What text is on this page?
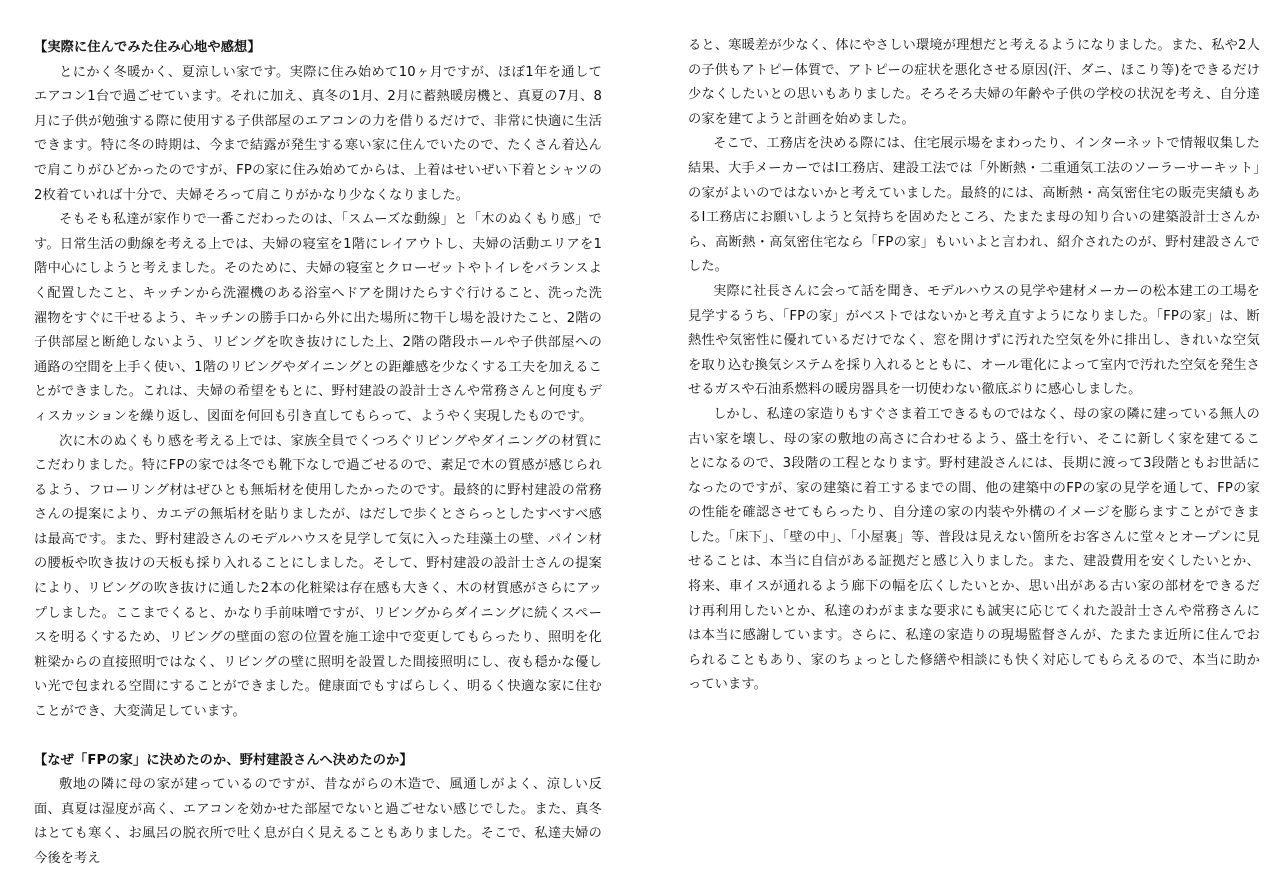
【実際に住んでみた住み心地や感想】

とにかく冬暖かく、夏涼しい家です。実際に住み始めて10ヶ月ですが、ほぼ1年を通してエアコン1台で過ごせています。それに加え、真冬の1月、2月に蓄熱暖房機と、真夏の7月、8月に子供が勉強する際に使用する子供部屋のエアコンの力を借りるだけで、非常に快適に生活できます。特に冬の時期は、今まで結露が発生する寒い家に住んでいたので、たくさん着込んで肩こりがひどかったのですが、FPの家に住み始めてからは、上着はせいぜい下着とシャツの2枚着ていれば十分で、夫婦そろって肩こりがかなり少なくなりました。

そもそも私達が家作りで一番こだわったのは、「スムーズな動線」と「木のぬくもり感」です。日常生活の動線を考える上では、夫婦の寝室を1階にレイアウトし、夫婦の活動エリアを1階中心にしようと考えました。そのために、夫婦の寝室とクローゼットやトイレをバランスよく配置したこと、キッチンから洗濯機のある浴室へドアを開けたらすぐ行けること、洗った洗濯物をすぐに干せるよう、キッチンの勝手口から外に出た場所に物干し場を設けたこと、2階の子供部屋と断絶しないよう、リビングを吹き抜けにした上、2階の階段ホールや子供部屋への通路の空間を上手く使い、1階のリビングやダイニングとの距離感を少なくする工夫を加えることができました。これは、夫婦の希望をもとに、野村建設の設計士さんや常務さんと何度もディスカッションを繰り返し、図面を何回も引き直してもらって、ようやく実現したものです。

次に木のぬくもり感を考える上では、家族全員でくつろぐリビングやダイニングの材質にこだわりました。特にFPの家では冬でも靴下なしで過ごせるので、素足で木の質感が感じられるよう、フローリング材はぜひとも無垢材を使用したかったのです。最終的に野村建設の常務さんの提案により、カエデの無垢材を貼りましたが、はだしで歩くとさらっとしたすべすべ感は最高です。また、野村建設さんのモデルハウスを見学して気に入った珪藻土の壁、パイン材の腰板や吹き抜けの天板も採り入れることにしました。そして、野村建設の設計士さんの提案により、リビングの吹き抜けに通した2本の化粧梁は存在感も大きく、木の材質感がさらにアップしました。ここまでくると、かなり手前味噌ですが、リビングからダイニングに続くスペースを明るくするため、リビングの壁面の窓の位置を施工途中で変更してもらったり、照明を化粧梁からの直接照明ではなく、リビングの壁に照明を設置した間接照明にし、夜も穏かな優しい光で包まれる空間にすることができました。健康面でもすばらしく、明るく快適な家に住むことができ、大変満足しています。

【なぜ「FPの家」に決めたのか、野村建設さんへ決めたのか】

敷地の隣に母の家が建っているのですが、昔ながらの木造で、風通しがよく、涼しい反面、真夏は湿度が高く、エアコンを効かせた部屋でないと過ごせない感じでした。また、真冬はとても寒く、お風呂の脱衣所で吐く息が白く見えることもありました。そこで、私達夫婦の今後を考え

ると、寒暖差が少なく、体にやさしい環境が理想だと考えるようになりました。また、私や2人の子供もアトピー体質で、アトピーの症状を悪化させる原因(汗、ダニ、ほこり等)をできるだけ少なくしたいとの思いもありました。そろそろ夫婦の年齢や子供の学校の状況を考え、自分達の家を建てようと計画を始めました。

そこで、工務店を決める際には、住宅展示場をまわったり、インターネットで情報収集した結果、大手メーカーではI工務店、建設工法では「外断熱・二重通気工法のソーラーサーキット」の家がよいのではないかと考えていました。最終的には、高断熱・高気密住宅の販売実績もあるI工務店にお願いしようと気持ちを固めたところ、たまたま母の知り合いの建築設計士さんから、高断熱・高気密住宅なら「FPの家」もいいよと言われ、紹介されたのが、野村建設さんでした。

実際に社長さんに会って話を聞き、モデルハウスの見学や建材メーカーの松本建工の工場を見学するうち、「FPの家」がベストではないかと考え直すようになりました。「FPの家」は、断熱性や気密性に優れているだけでなく、窓を開けずに汚れた空気を外に排出し、きれいな空気を取り込む換気システムを採り入れるとともに、オール電化によって室内で汚れた空気を発生させるガスや石油系燃料の暖房器具を一切使わない徹底ぶりに感心しました。

しかし、私達の家造りもすぐさま着工できるものではなく、母の家の隣に建っている無人の古い家を壊し、母の家の敷地の高さに合わせるよう、盛土を行い、そこに新しく家を建てることになるので、3段階の工程となります。野村建設さんには、長期に渡って3段階ともお世話になったのですが、家の建築に着工するまでの間、他の建築中のFPの家の見学を通して、FPの家の性能を確認させてもらったり、自分達の家の内装や外構のイメージを膨らますことができました。「床下」、「壁の中」、「小屋裏」等、普段は見えない箇所をお客さんに堂々とオープンに見せることは、本当に自信がある証拠だと感じ入りました。また、建設費用を安くしたいとか、将来、車イスが通れるよう廊下の幅を広くしたいとか、思い出がある古い家の部材をできるだけ再利用したいとか、私達のわがままな要求にも誠実に応じてくれた設計士さんや常務さんには本当に感謝しています。さらに、私達の家造りの現場監督さんが、たまたま近所に住んでおられることもあり、家のちょっとした修繕や相談にも快く対応してもらえるので、本当に助かっています。
